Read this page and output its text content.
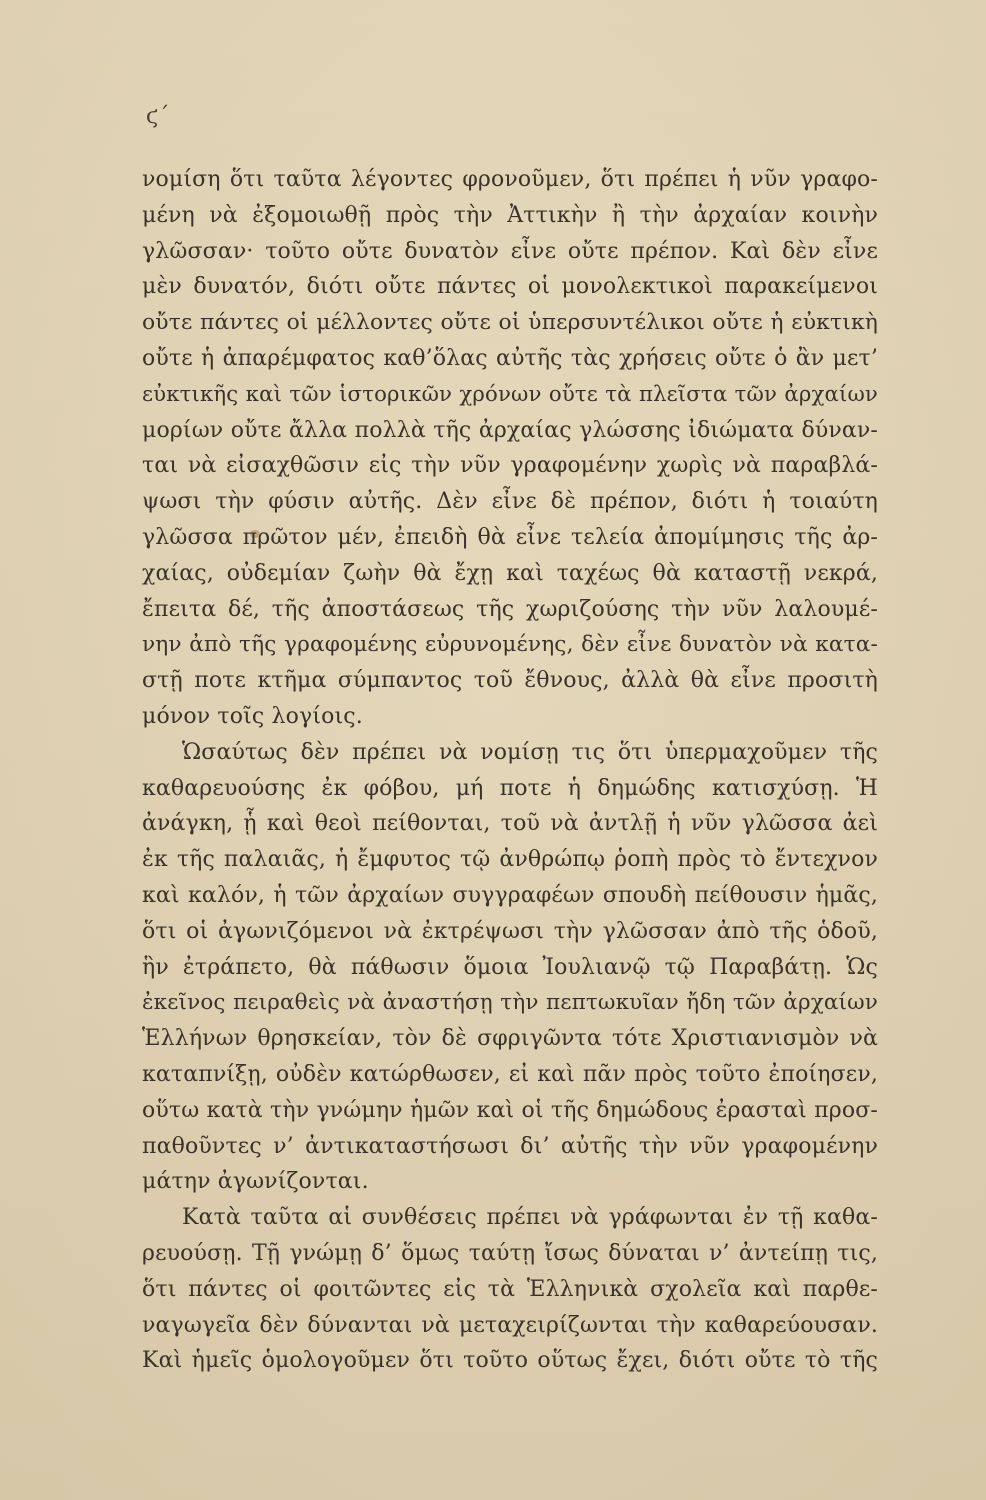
ϛ΄
νομίση ὅτι ταῦτα λέγοντες φρονοῦμεν, ὅτι πρέπει ἡ νῦν γραφο-
μένη νὰ ἐξομοιωθῇ πρὸς τὴν Ἀττικὴν ἢ τὴν ἀρχαίαν κοινὴν
γλῶσσαν· τοῦτο οὔτε δυνατὸν εἶνε οὔτε πρέπον. Καὶ δὲν εἶνε
μὲν δυνατόν, διότι οὔτε πάντες οἱ μονολεκτικοὶ παρακείμενοι
οὔτε πάντες οἱ μέλλοντες οὔτε οἱ ὑπερσυντέλικοι οὔτε ἡ εὐκτικὴ
οὔτε ἡ ἀπαρέμφατος καθ’ὅλας αὐτῆς τὰς χρήσεις οὔτε ὁ ἂν μετ’
εὐκτικῆς καὶ τῶν ἱστορικῶν χρόνων οὔτε τὰ πλεῖστα τῶν ἀρχαίων
μορίων οὔτε ἄλλα πολλὰ τῆς ἀρχαίας γλώσσης ἰδιώματα δύναν-
ται νὰ εἰσαχθῶσιν εἰς τὴν νῦν γραφομένην χωρὶς νὰ παραβλά-
ψωσι τὴν φύσιν αὐτῆς. Δὲν εἶνε δὲ πρέπον, διότι ἡ τοιαύτη
γλῶσσα πρῶτον μέν, ἐπειδὴ θὰ εἶνε τελεία ἀπομίμησις τῆς ἀρ-
χαίας, οὐδεμίαν ζωὴν θὰ ἔχῃ καὶ ταχέως θὰ καταστῇ νεκρά,
ἔπειτα δέ, τῆς ἀποστάσεως τῆς χωριζούσης τὴν νῦν λαλουμέ-
νην ἀπὸ τῆς γραφομένης εὐρυνομένης, δὲν εἶνε δυνατὸν νὰ κατα-
στῇ ποτε κτῆμα σύμπαντος τοῦ ἔθνους, ἀλλὰ θὰ εἶνε προσιτὴ
μόνον τοῖς λογίοις.
Ὡσαύτως δὲν πρέπει νὰ νομίσῃ τις ὅτι ὑπερμαχοῦμεν τῆς
καθαρευούσης ἐκ φόβου, μή ποτε ἡ δημώδης κατισχύσῃ. Ἡ
ἀνάγκη, ᾗ καὶ θεοὶ πείθονται, τοῦ νὰ ἀντλῇ ἡ νῦν γλῶσσα ἀεὶ
ἐκ τῆς παλαιᾶς, ἡ ἔμφυτος τῷ ἀνθρώπῳ ῥοπὴ πρὸς τὸ ἔντεχνον
καὶ καλόν, ἡ τῶν ἀρχαίων συγγραφέων σπουδὴ πείθουσιν ἡμᾶς,
ὅτι οἱ ἀγωνιζόμενοι νὰ ἐκτρέψωσι τὴν γλῶσσαν ἀπὸ τῆς ὁδοῦ,
ἣν ἐτράπετο, θὰ πάθωσιν ὅμοια Ἰουλιανῷ τῷ Παραβάτῃ. Ὡς
ἐκεῖνος πειραθεὶς νὰ ἀναστήσῃ τὴν πεπτωκυῖαν ἤδη τῶν ἀρχαίων
Ἑλλήνων θρησκείαν, τὸν δὲ σφριγῶντα τότε Χριστιανισμὸν νὰ
καταπνίξῃ, οὐδὲν κατώρθωσεν, εἰ καὶ πᾶν πρὸς τοῦτο ἐποίησεν,
οὕτω κατὰ τὴν γνώμην ἡμῶν καὶ οἱ τῆς δημώδους ἐρασταὶ προσ-
παθοῦντες ν’ ἀντικαταστήσωσι δι’ αὐτῆς τὴν νῦν γραφομένην
μάτην ἀγωνίζονται.
Κατὰ ταῦτα αἱ συνθέσεις πρέπει νὰ γράφωνται ἐν τῇ καθα-
ρευούσῃ. Τῇ γνώμῃ δ’ ὅμως ταύτῃ ἴσως δύναται ν’ ἀντείπῃ τις,
ὅτι πάντες οἱ φοιτῶντες εἰς τὰ Ἑλληνικὰ σχολεῖα καὶ παρθε-
ναγωγεῖα δὲν δύνανται νὰ μεταχειρίζωνται τὴν καθαρεύουσαν.
Καὶ ἡμεῖς ὁμολογοῦμεν ὅτι τοῦτο οὕτως ἔχει, διότι οὔτε τὸ τῆς
